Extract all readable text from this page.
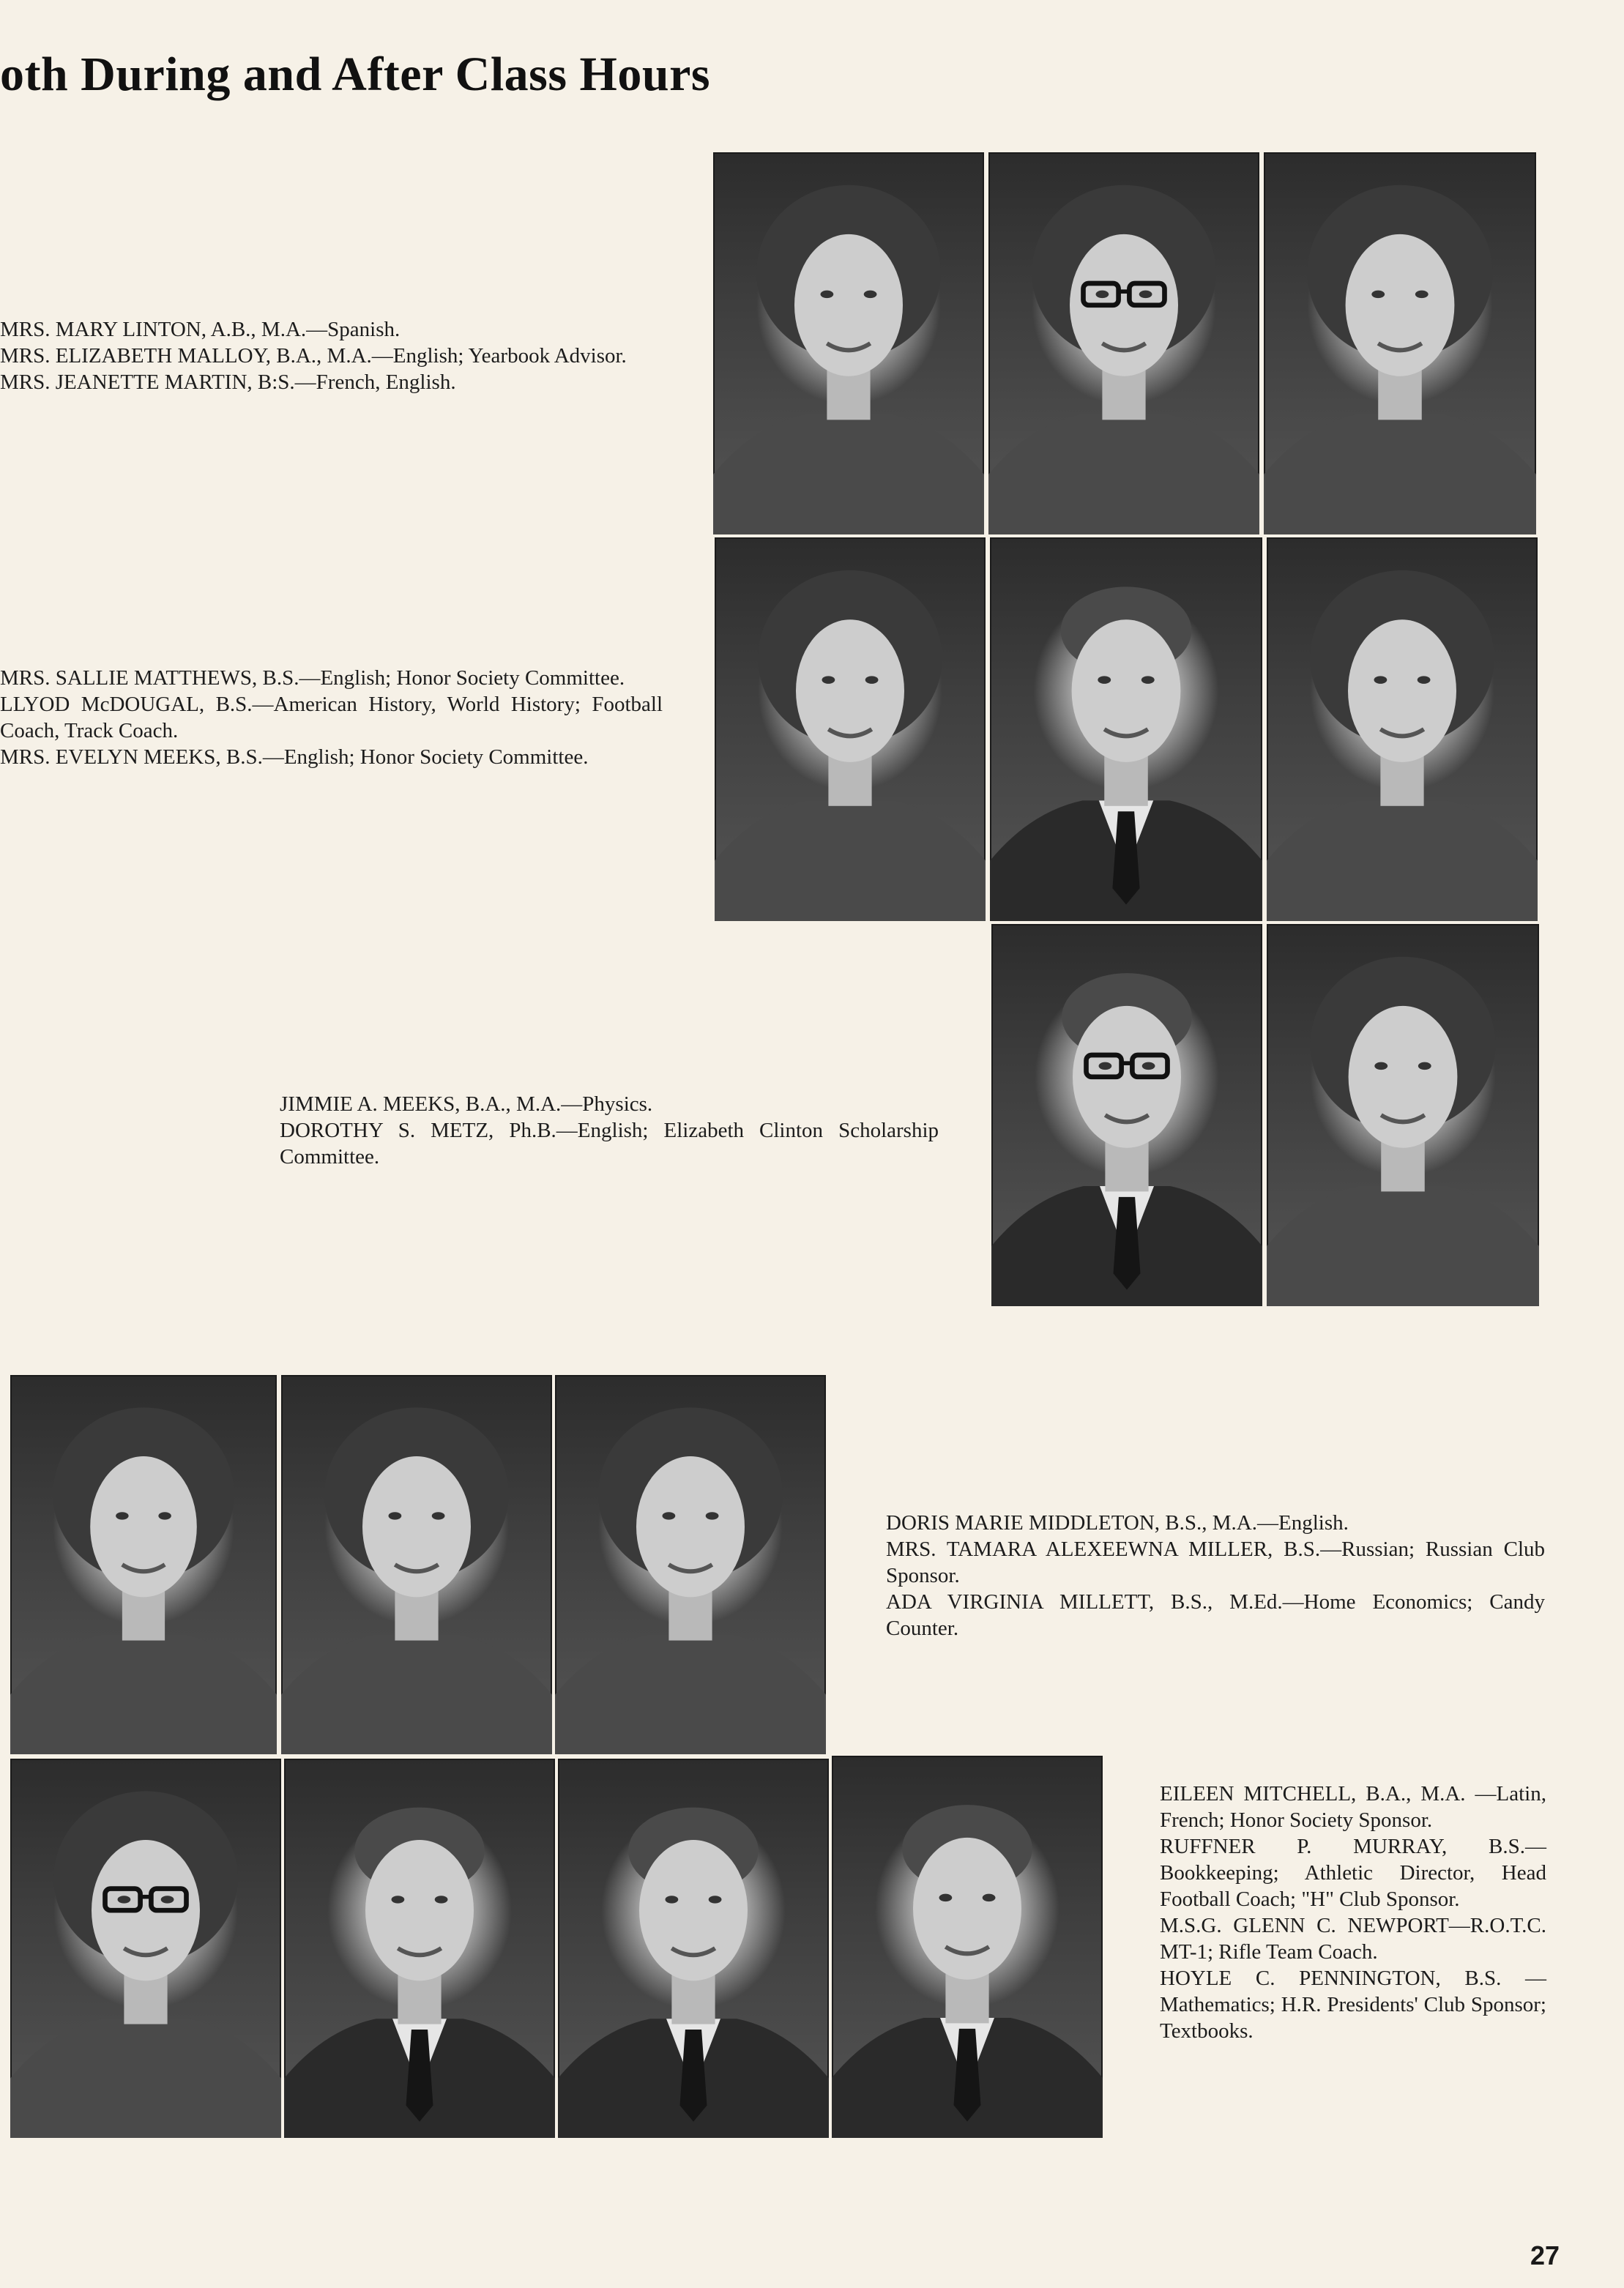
oth During and After Class Hours

MRS. MARY LINTON, A.B., M.A.—Spanish.

MRS. ELIZABETH MALLOY, B.A., M.A.—English; Yearbook Advisor.

MRS. JEANETTE MARTIN, B:S.—French, English.

MRS. SALLIE MATTHEWS, B.S.—English; Honor Society Committee.

LLYOD McDOUGAL, B.S.—American History, World History; Football Coach, Track Coach.

MRS. EVELYN MEEKS, B.S.—English; Honor Society Committee.

JIMMIE A. MEEKS, B.A., M.A.—Physics.

DOROTHY S. METZ, Ph.B.—English; Elizabeth Clinton Scholarship Committee.

DORIS MARIE MIDDLETON, B.S., M.A.—English.

MRS. TAMARA ALEXEEWNA MILLER, B.S.—Russian; Russian Club Sponsor.

ADA VIRGINIA MILLETT, B.S., M.Ed.—Home Economics; Candy Counter.

EILEEN MITCHELL, B.A., M.A. —Latin, French; Honor Society Sponsor.

RUFFNER P. MURRAY, B.S.—Bookkeeping; Athletic Director, Head Football Coach; "H" Club Sponsor.

M.S.G. GLENN C. NEWPORT—R.O.T.C. MT-1; Rifle Team Coach.

HOYLE C. PENNINGTON, B.S. —Mathematics; H.R. Presidents' Club Sponsor; Textbooks.

27
